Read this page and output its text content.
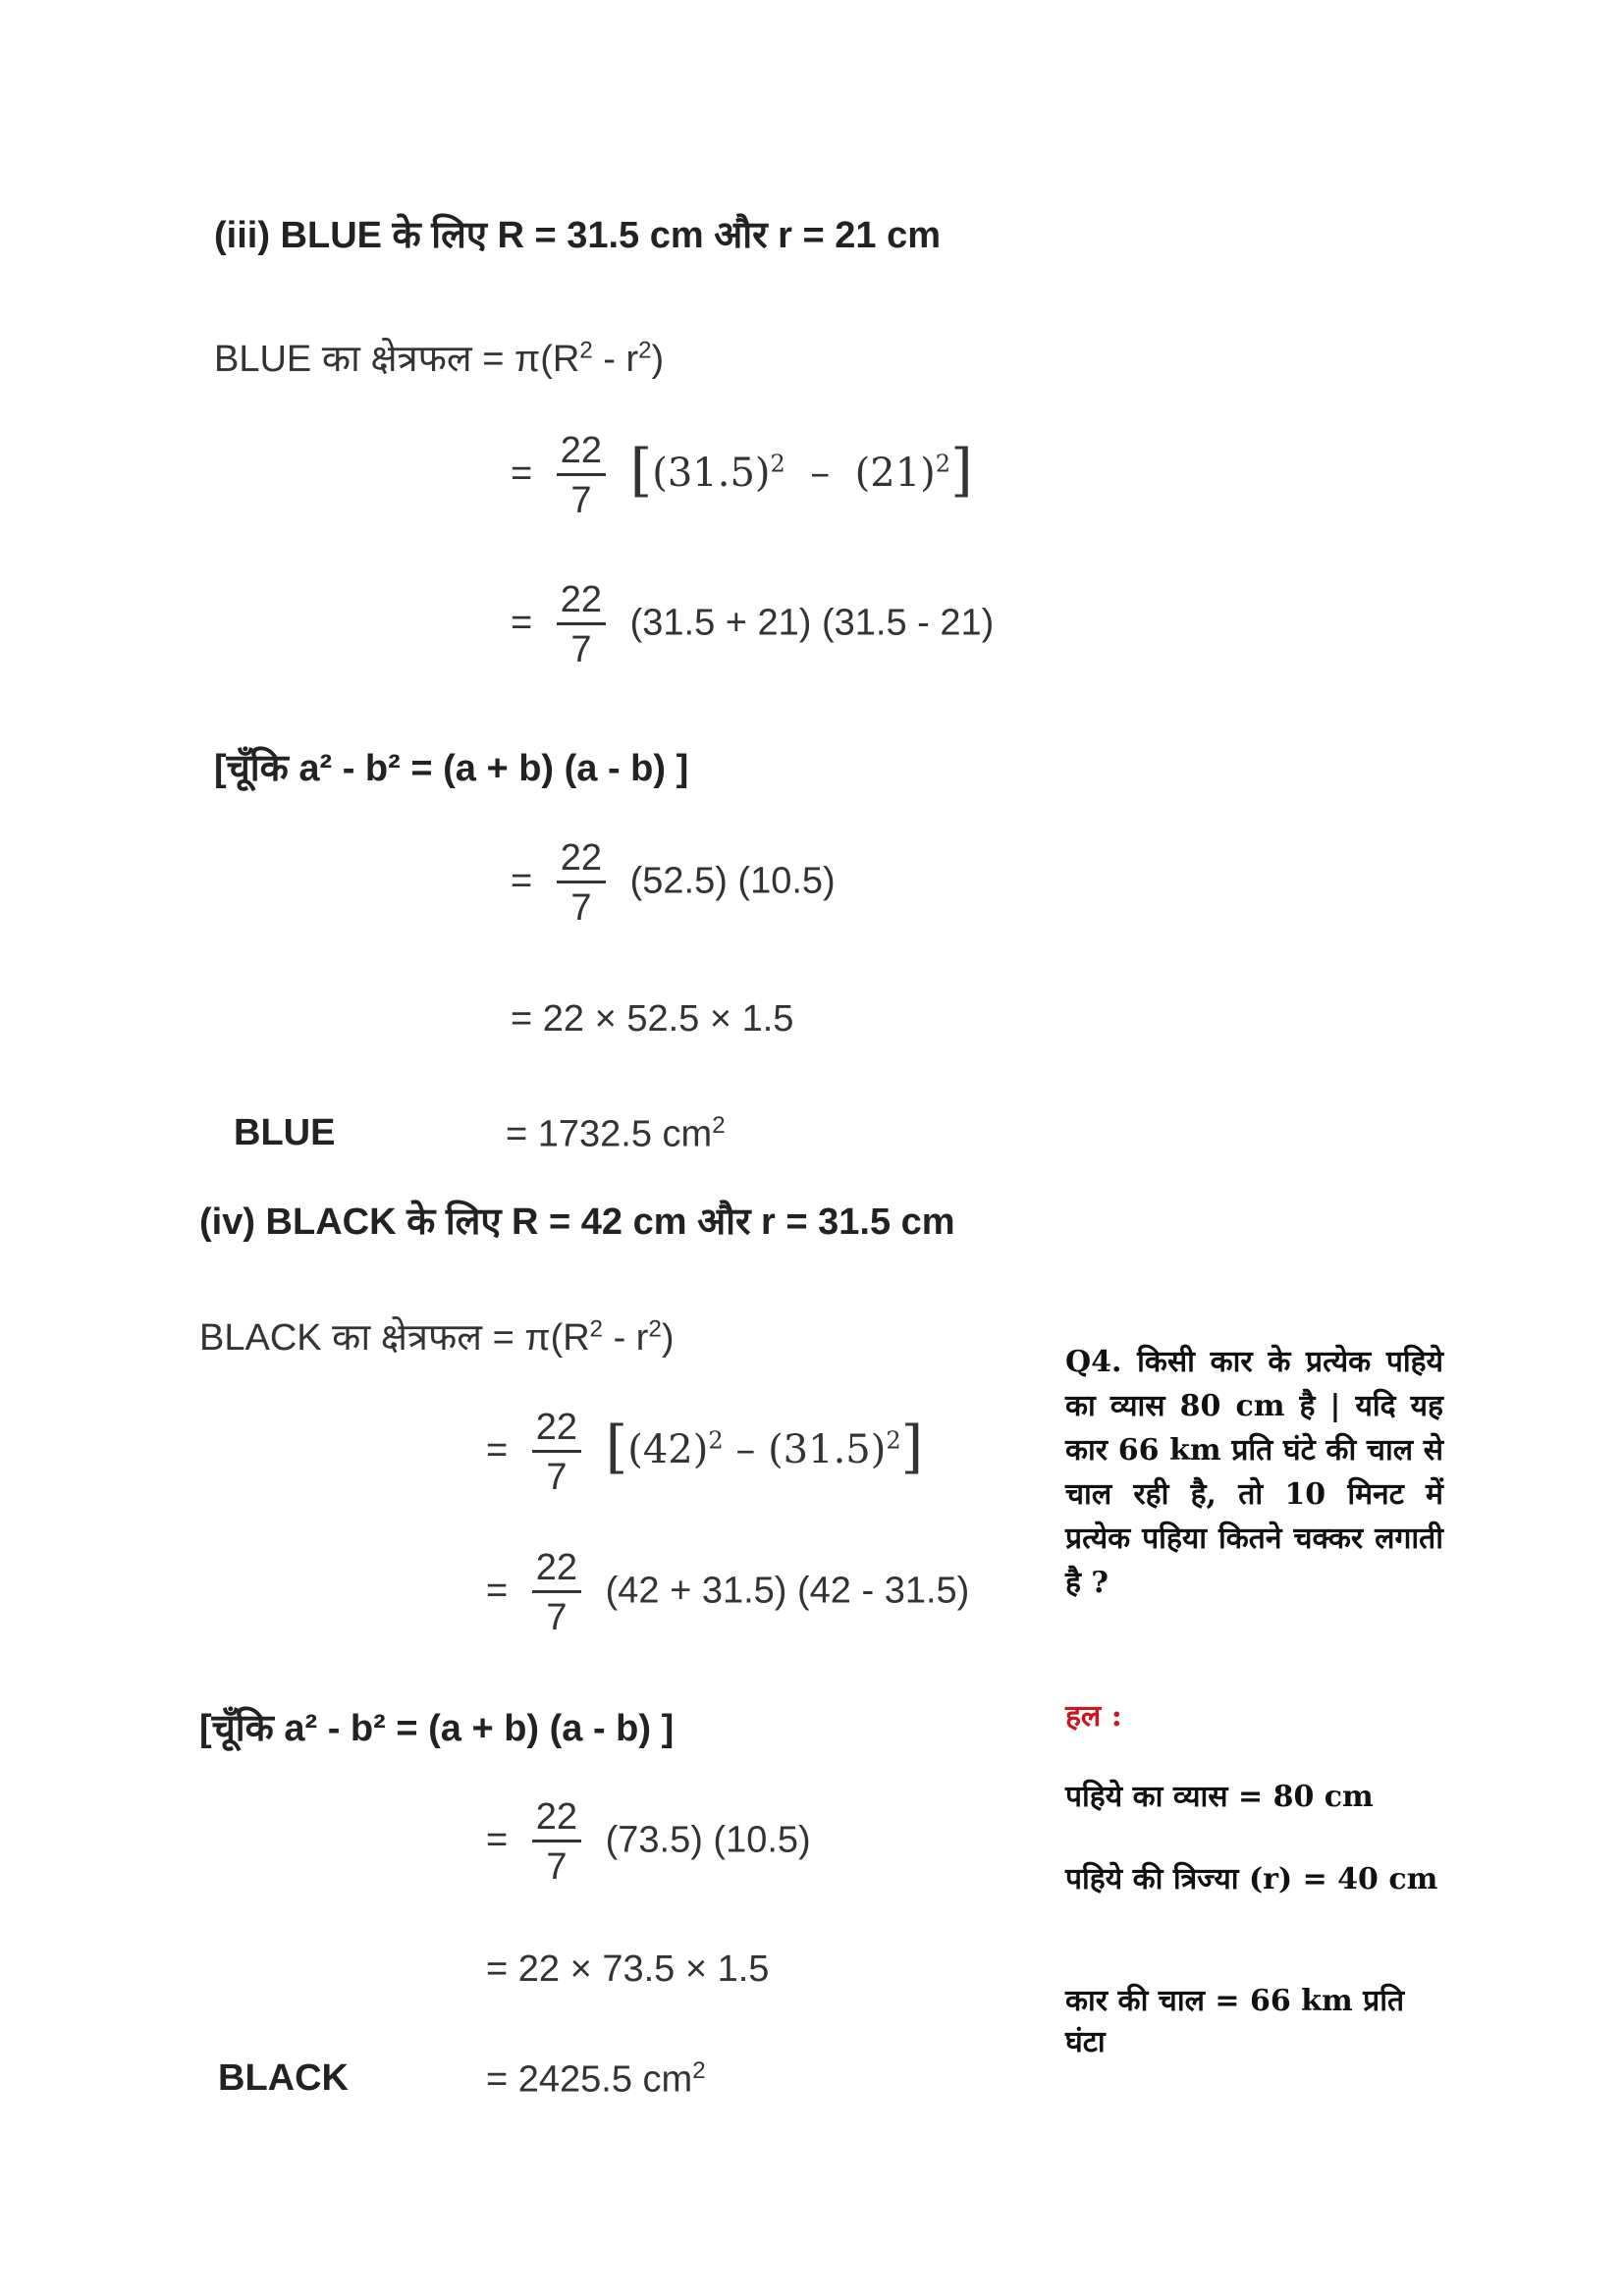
(iii) BLUE के लिए R = 31.5 cm और r = 21 cm
BLUE का क्षेत्रफल = $\pi(R^2 - r^2)$
= $\frac{22}{7} [(31.5)^2 - (21)^2]$
= $\frac{22}{7} (31.5 + 21)$ (31.5 - 21)
[चूँकि a² - b² = (a + b) (a - b) ]
= $\frac{22}{7} (52.5)$ (10.5)
= 22 × 52.5 × 1.5
BLUE	= 1732.5 $cm^2$
(iv) BLACK के लिए R = 42 cm और r = 31.5 cm
BLACK का क्षेत्रफल = $\pi(R^2 - r^2)$
= $\frac{22}{7} [(42)^2 - (31.5)^2]$
= $\frac{22}{7} (42 + 31.5)$ (42 - 31.5)
[चूँकि a² - b² = (a + b) (a - b) ]
= $\frac{22}{7} (73.5)$ (10.5)
= 22 × 73.5 × 1.5
BLACK	= 2425.5 $cm^2$
Q4. किसी कार के प्रत्येक पहिये का व्यास 80 cm है | यदि यह कार 66 km प्रति घंटे की चाल से चाल रही है, तो 10 मिनट में प्रत्येक पहिया कितने चक्कर लगाती है ?
हल :
पहिये का व्यास = 80 cm
पहिये की त्रिज्या (r) = 40 cm
कार की चाल = 66 km प्रति घंटा
